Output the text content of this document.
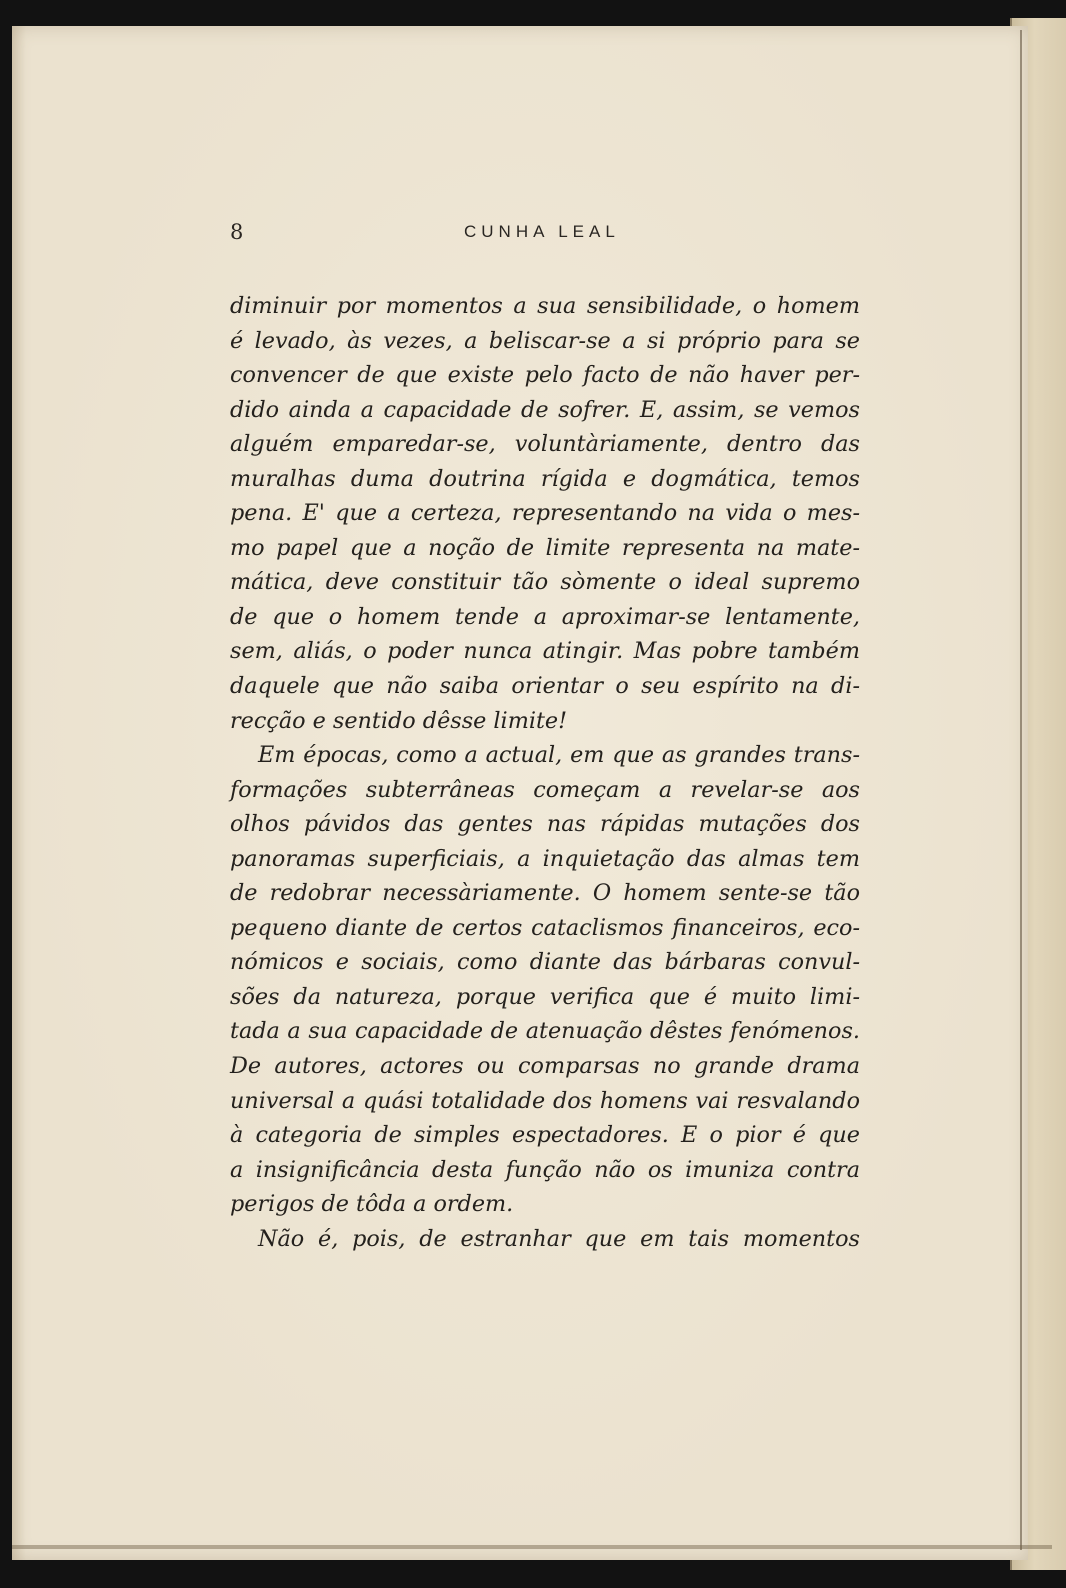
8	CUNHA LEAL
diminuir por momentos a sua sensibilidade, o homem
é levado, às vezes, a beliscar-se a si próprio para se
convencer de que existe pelo facto de não haver per-
dido ainda a capacidade de sofrer. E, assim, se vemos
alguém emparedar-se, voluntàriamente, dentro das
muralhas duma doutrina rígida e dogmática, temos
pena. E' que a certeza, representando na vida o mes-
mo papel que a noção de limite representa na mate-
mática, deve constituir tão sòmente o ideal supremo
de que o homem tende a aproximar-se lentamente,
sem, aliás, o poder nunca atingir. Mas pobre também
daquele que não saiba orientar o seu espírito na di-
recção e sentido dêsse limite!
Em épocas, como a actual, em que as grandes trans-
formações subterrâneas começam a revelar-se aos
olhos pávidos das gentes nas rápidas mutações dos
panoramas superficiais, a inquietação das almas tem
de redobrar necessàriamente. O homem sente-se tão
pequeno diante de certos cataclismos financeiros, eco-
nómicos e sociais, como diante das bárbaras convul-
sões da natureza, porque verifica que é muito limi-
tada a sua capacidade de atenuação dêstes fenómenos.
De autores, actores ou comparsas no grande drama
universal a quási totalidade dos homens vai resvalando
à categoria de simples espectadores. E o pior é que
a insignificância desta função não os imuniza contra
perigos de tôda a ordem.
Não é, pois, de estranhar que em tais momentos
